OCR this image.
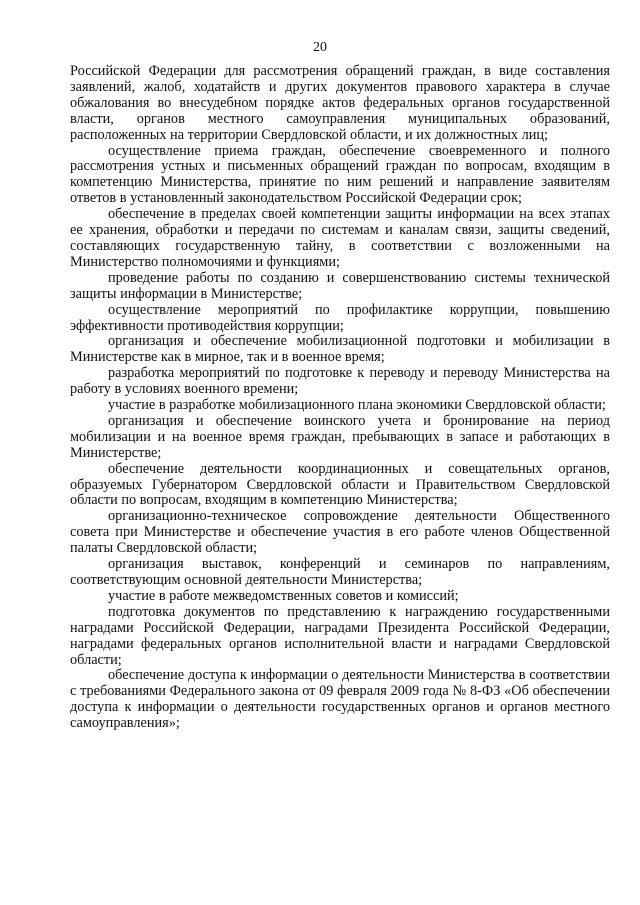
20

Российской Федерации для рассмотрения обращений граждан, в виде составления заявлений, жалоб, ходатайств и других документов правового характера в случае обжалования во внесудебном порядке актов федеральных органов государственной власти, органов местного самоуправления муниципальных образований, расположенных на территории Свердловской области, и их должностных лиц;

осуществление приема граждан, обеспечение своевременного и полного рассмотрения устных и письменных обращений граждан по вопросам, входящим в компетенцию Министерства, принятие по ним решений и направление заявителям ответов в установленный законодательством Российской Федерации срок;

обеспечение в пределах своей компетенции защиты информации на всех этапах ее хранения, обработки и передачи по системам и каналам связи, защиты сведений, составляющих государственную тайну, в соответствии с возложенными на Министерство полномочиями и функциями;

проведение работы по созданию и совершенствованию системы технической защиты информации в Министерстве;

осуществление мероприятий по профилактике коррупции, повышению эффективности противодействия коррупции;

организация и обеспечение мобилизационной подготовки и мобилизации в Министерстве как в мирное, так и в военное время;

разработка мероприятий по подготовке к переводу и переводу Министерства на работу в условиях военного времени;

участие в разработке мобилизационного плана экономики Свердловской области;

организация и обеспечение воинского учета и бронирование на период мобилизации и на военное время граждан, пребывающих в запасе и работающих в Министерстве;

обеспечение деятельности координационных и совещательных органов, образуемых Губернатором Свердловской области и Правительством Свердловской области по вопросам, входящим в компетенцию Министерства;

организационно-техническое сопровождение деятельности Общественного совета при Министерстве и обеспечение участия в его работе членов Общественной палаты Свердловской области;

организация выставок, конференций и семинаров по направлениям, соответствующим основной деятельности Министерства;

участие в работе межведомственных советов и комиссий;

подготовка документов по представлению к награждению государственными наградами Российской Федерации, наградами Президента Российской Федерации, наградами федеральных органов исполнительной власти и наградами Свердловской области;

обеспечение доступа к информации о деятельности Министерства в соответствии с требованиями Федерального закона от 09 февраля 2009 года № 8-ФЗ «Об обеспечении доступа к информации о деятельности государственных органов и органов местного самоуправления»;
